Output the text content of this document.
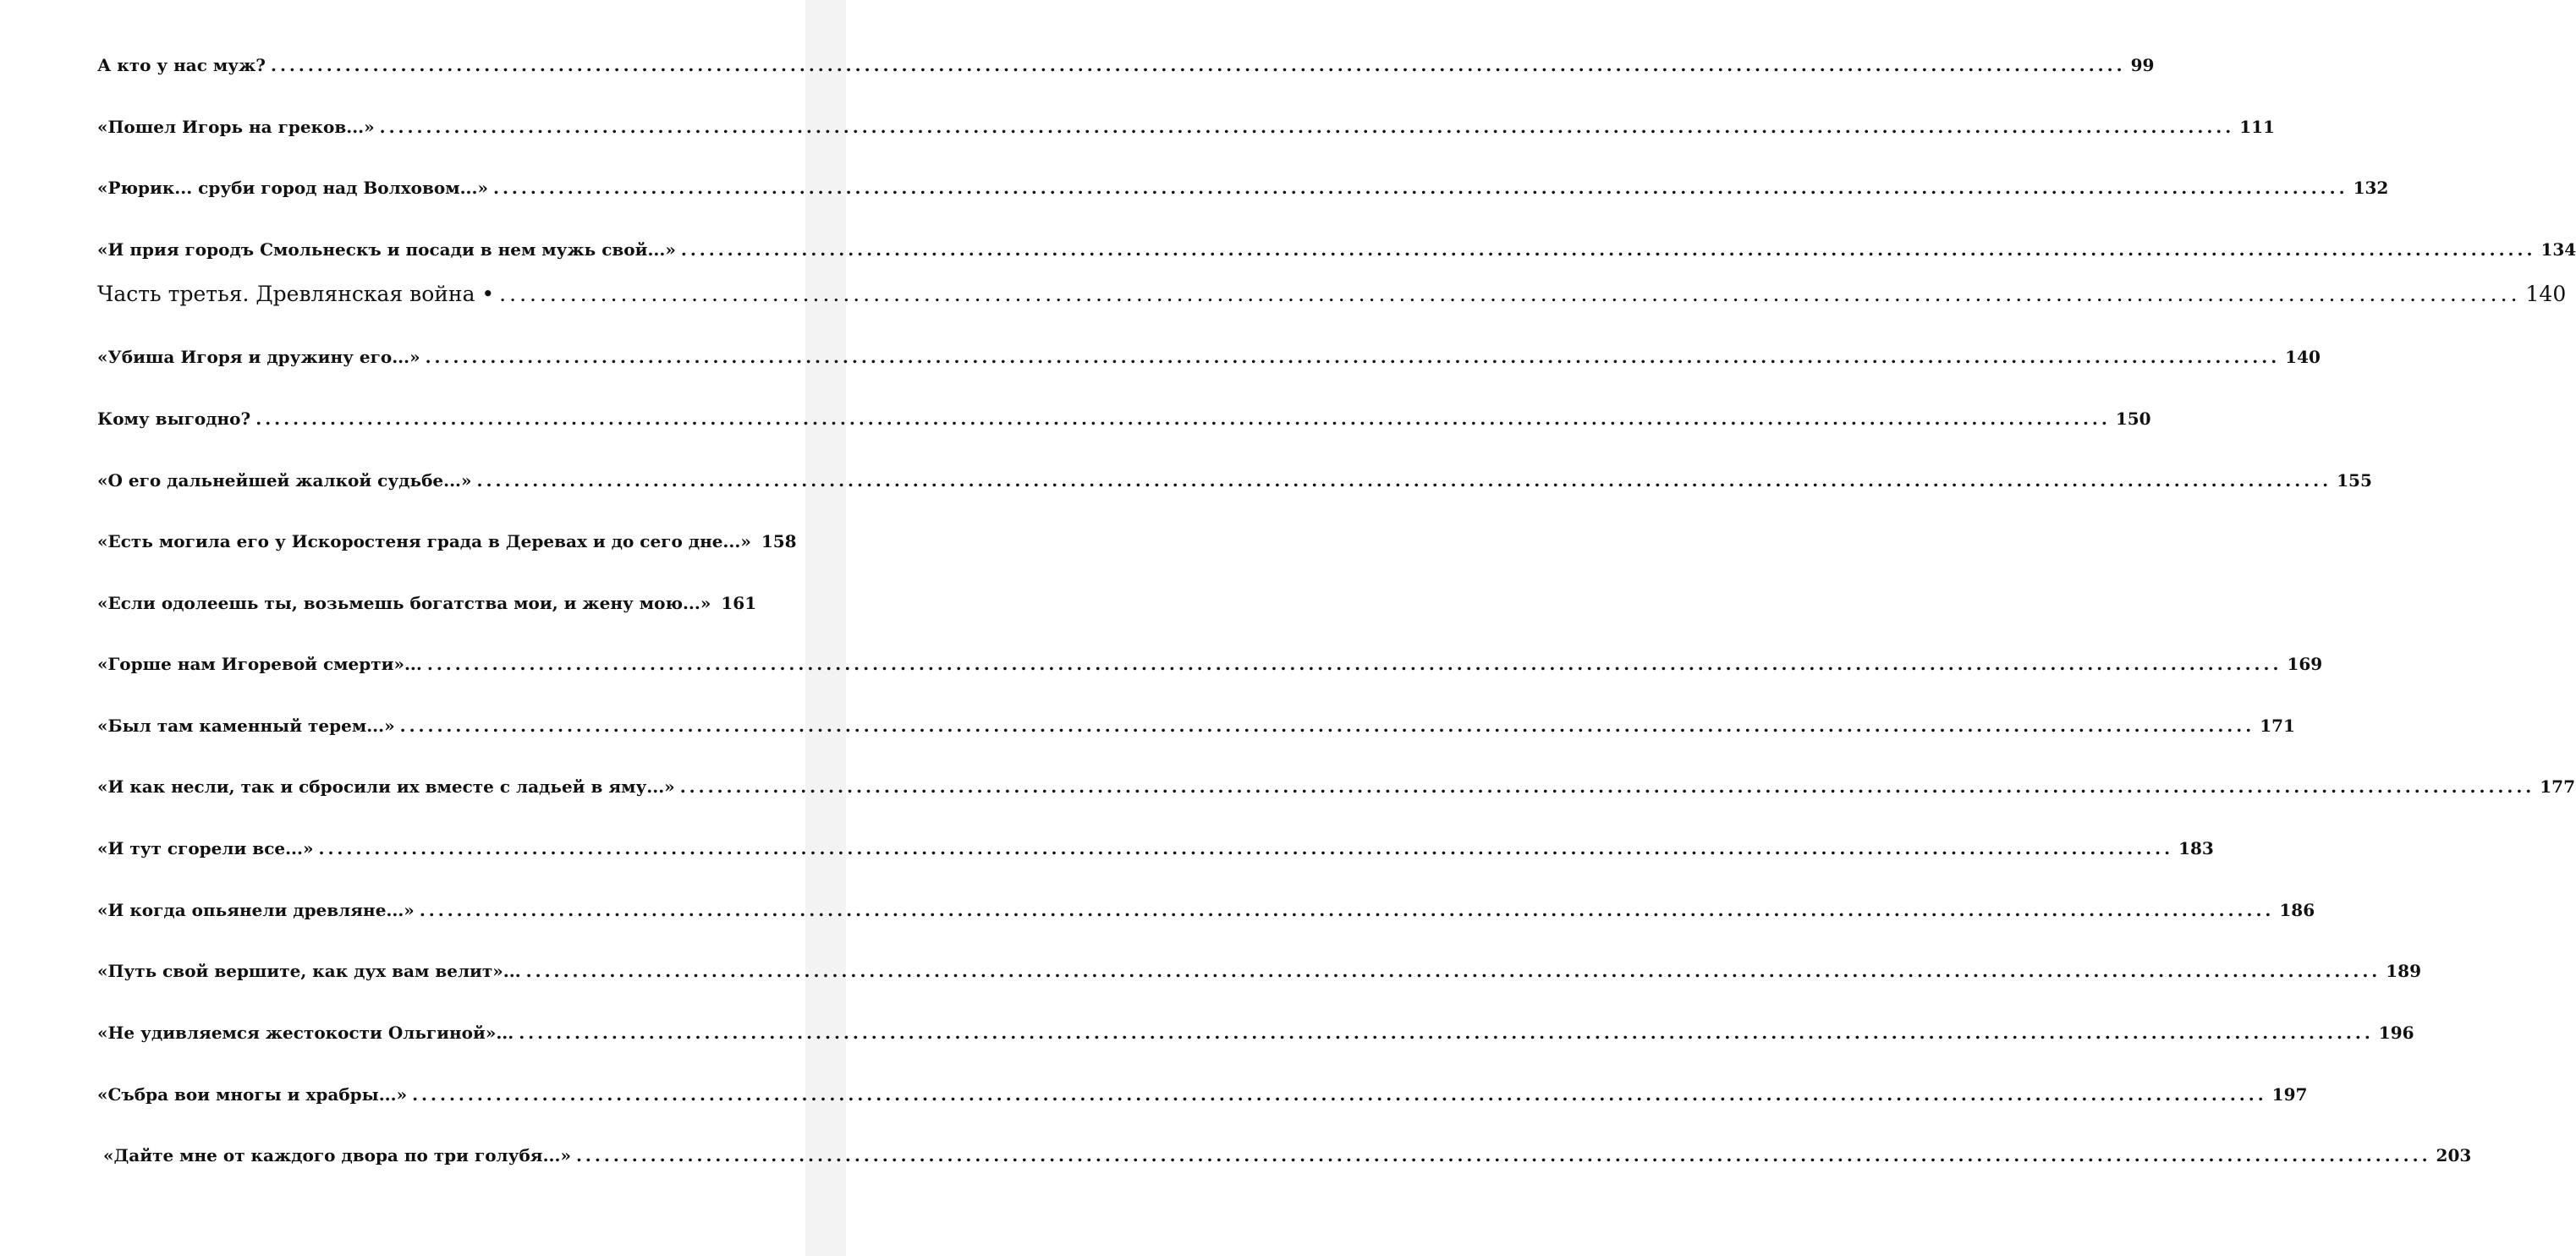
А кто у нас муж? ........................................................................................................................................................................................................ 99
«Пошел Игорь на греков...» ........................................................................................................................................................................................................ 111
«Рюрик... сруби город над Волховом...» ........................................................................................................................................................................................................ 132
«И прия городъ Смольнескъ и посади в нем мужь свой...» ........................................................................................................................................................................................................ 134
Часть третья. Древлянская война • ........................................................................................................................................................................................................ 140
«Убиша Игоря и дружину его...» ........................................................................................................................................................................................................ 140
Кому выгодно? ........................................................................................................................................................................................................ 150
«О его дальнейшей жалкой судьбе...» ........................................................................................................................................................................................................ 155
«Есть могила его у Искоростеня града в Деревах и до сего дне...» 158
«Если одолеешь ты, возьмешь богатства мои, и жену мою...» 161
«Горше нам Игоревой смерти»... ........................................................................................................................................................................................................ 169
«Был там каменный терем...» ........................................................................................................................................................................................................ 171
«И как несли, так и сбросили их вместе с ладьей в яму...» ........................................................................................................................................................................................................ 177
«И тут сгорели все...» ........................................................................................................................................................................................................ 183
«И когда опьянели древляне...» ........................................................................................................................................................................................................ 186
«Путь свой вершите, как дух вам велит»... ........................................................................................................................................................................................................ 189
«Не удивляемся жестокости Ольгиной»... ........................................................................................................................................................................................................ 196
«Събра вои многы и храбры...» ........................................................................................................................................................................................................ 197
«Дайте мне от каждого двора по три голубя...» ........................................................................................................................................................................................................ 203
